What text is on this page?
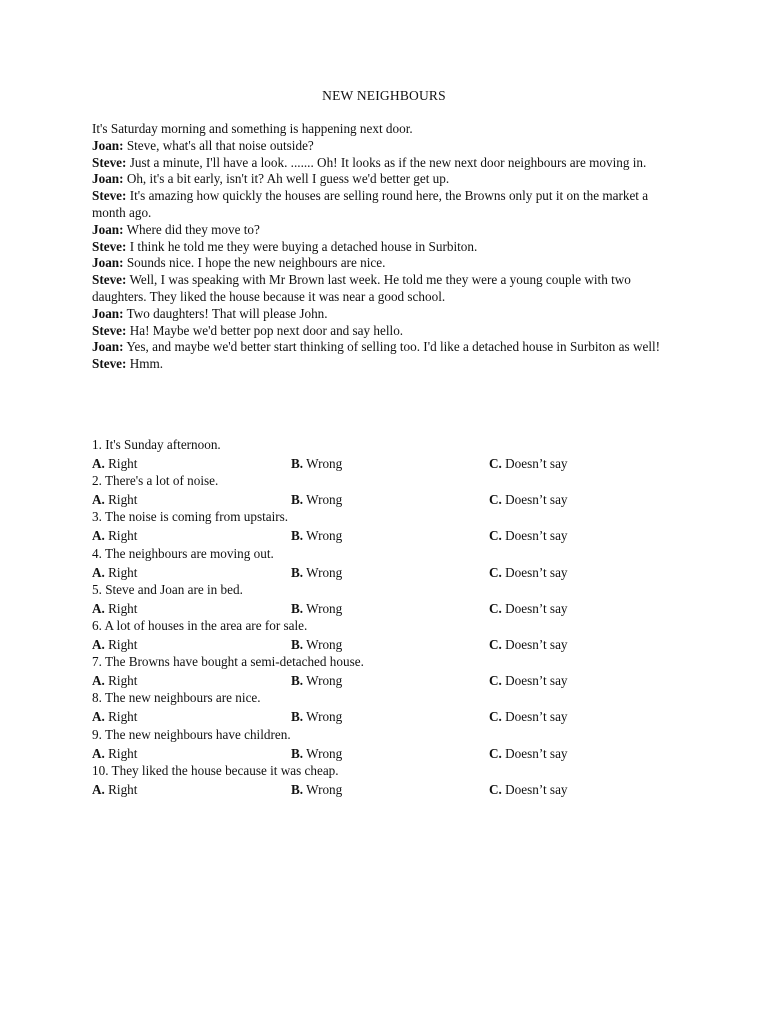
NEW NEIGHBOURS

It's Saturday morning and something is happening next door.

Joan: Steve, what's all that noise outside?

Steve: Just a minute, I'll have a look. ....... Oh! It looks as if the new next door neighbours are moving in.

Joan: Oh, it's a bit early, isn't it? Ah well I guess we'd better get up.

Steve: It's amazing how quickly the houses are selling round here, the Browns only put it on the market a month ago.

Joan: Where did they move to?

Steve: I think he told me they were buying a detached house in Surbiton.

Joan: Sounds nice. I hope the new neighbours are nice.

Steve: Well, I was speaking with Mr Brown last week. He told me they were a young couple with two daughters. They liked the house because it was near a good school.

Joan: Two daughters! That will please John.

Steve: Ha! Maybe we'd better pop next door and say hello.

Joan: Yes, and maybe we'd better start thinking of selling too. I'd like a detached house in Surbiton as well!

Steve: Hmm.

1. It's Sunday afternoon.
A. Right	B. Wrong	C. Doesn’t say
2. There's a lot of noise.
A. Right	B. Wrong	C. Doesn’t say
3. The noise is coming from upstairs.
A. Right	B. Wrong	C. Doesn’t say
4. The neighbours are moving out.
A. Right	B. Wrong	C. Doesn’t say
5. Steve and Joan are in bed.
A. Right	B. Wrong	C. Doesn’t say
6. A lot of houses in the area are for sale.
A. Right	B. Wrong	C. Doesn’t say
7. The Browns have bought a semi-detached house.
A. Right	B. Wrong	C. Doesn’t say
8. The new neighbours are nice.
A. Right	B. Wrong	C. Doesn’t say
9. The new neighbours have children.
A. Right	B. Wrong	C. Doesn’t say
10. They liked the house because it was cheap.
A. Right	B. Wrong	C. Doesn’t say
